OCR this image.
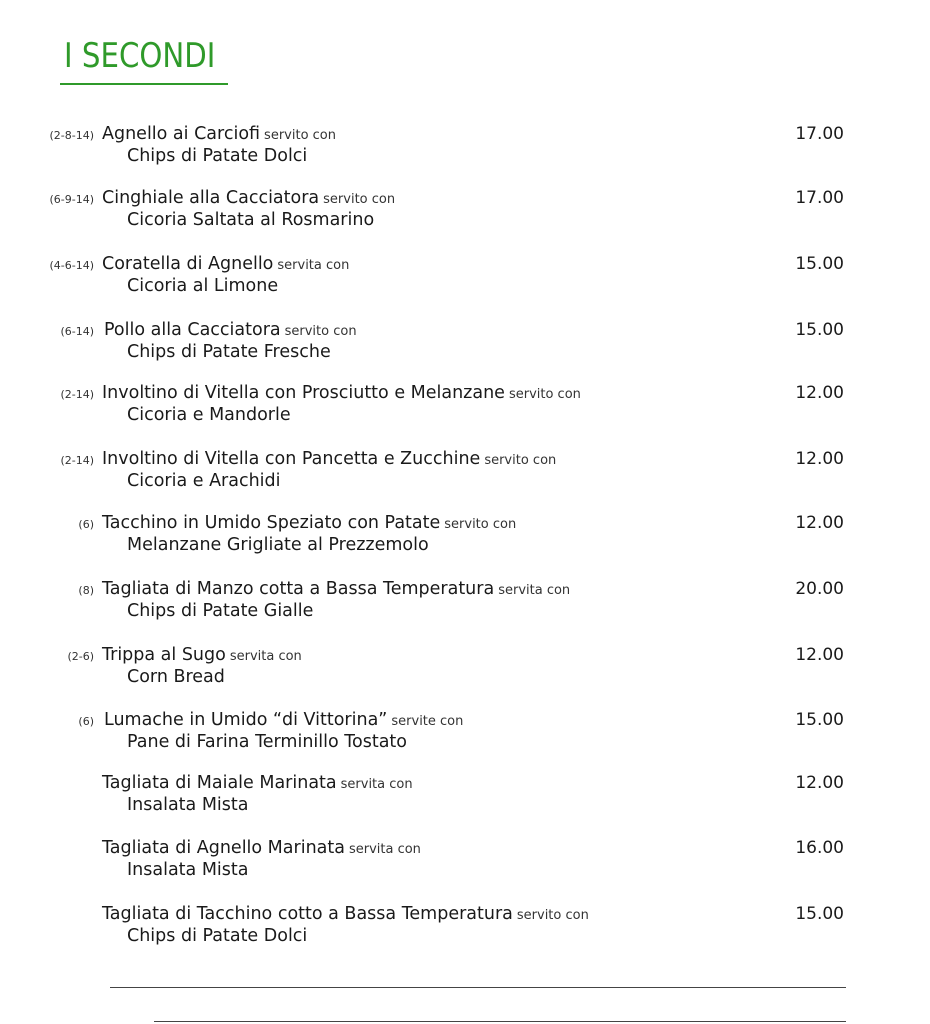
I SECONDI
(2-8-14) Agnello ai Carciofi servito con
Chips di Patate Dolci
17.00
(6-9-14) Cinghiale alla Cacciatora servito con
Cicoria Saltata al Rosmarino
17.00
(4-6-14) Coratella di Agnello servita con
Cicoria al Limone
15.00
(6-14) Pollo alla Cacciatora servito con
Chips di Patate Fresche
15.00
(2-14) Involtino di Vitella con Prosciutto e Melanzane servito con
Cicoria e Mandorle
12.00
(2-14) Involtino di Vitella con Pancetta e Zucchine servito con
Cicoria e Arachidi
12.00
(6) Tacchino in Umido Speziato con Patate servito con
Melanzane Grigliate al Prezzemolo
12.00
(8) Tagliata di Manzo cotta a Bassa Temperatura servita con
Chips di Patate Gialle
20.00
(2-6) Trippa al Sugo servita con
Corn Bread
12.00
(6) Lumache in Umido “di Vittorina” servite con
Pane di Farina Terminillo Tostato
15.00
Tagliata di Maiale Marinata servita con
Insalata Mista
12.00
Tagliata di Agnello Marinata servita con
Insalata Mista
16.00
Tagliata di Tacchino cotto a Bassa Temperatura servito con
Chips di Patate Dolci
15.00
